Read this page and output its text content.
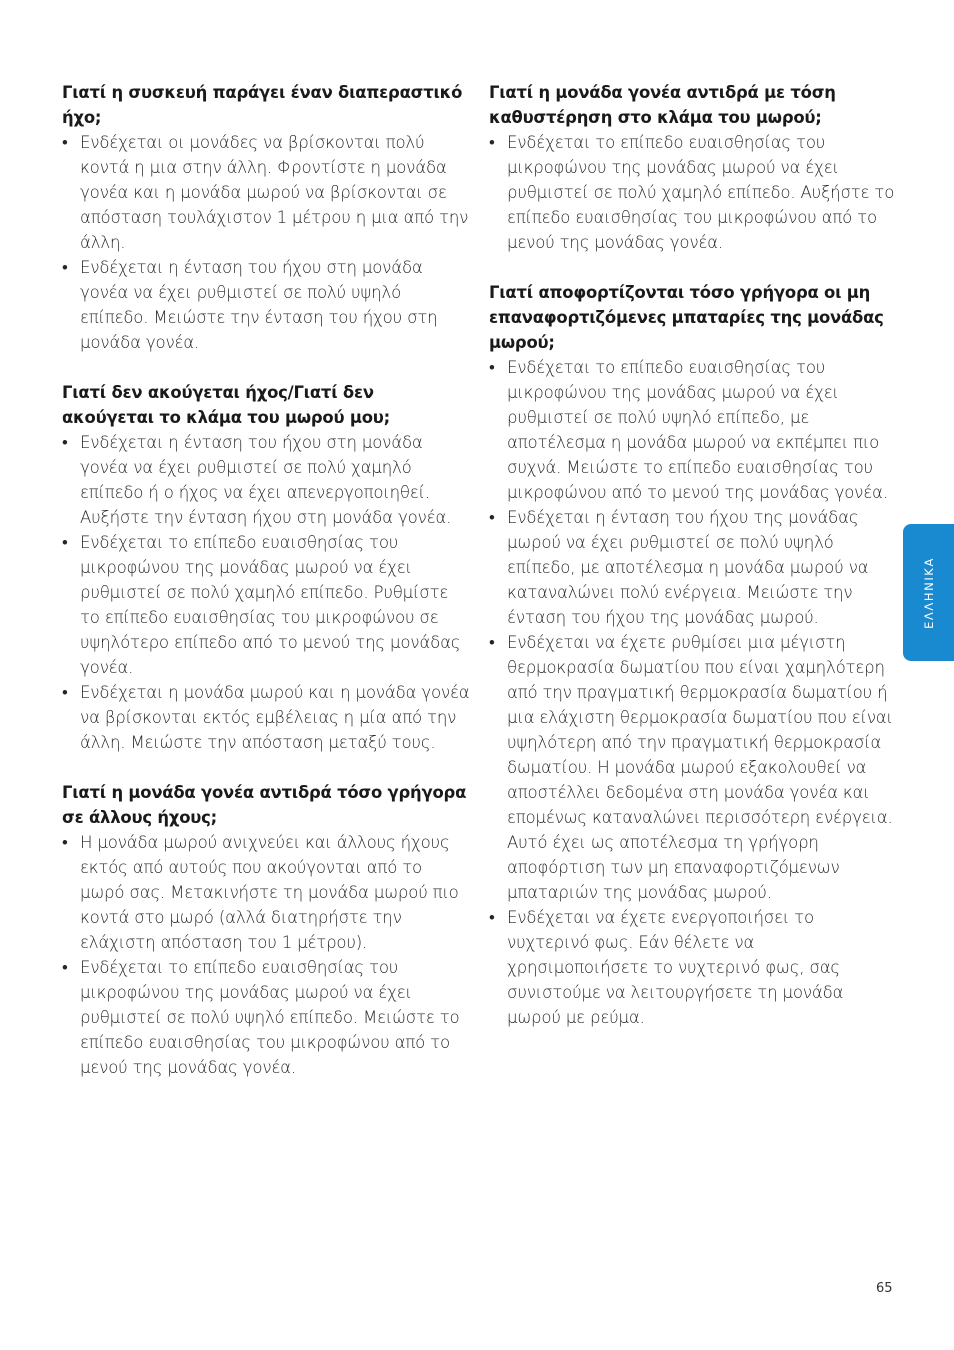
Γιατί η συσκευή παράγει έναν διαπεραστικό ήχο;

• Ενδέχεται οι μονάδες να βρίσκονται πολύ κοντά η μια στην άλλη. Φροντίστε η μονάδα γονέα και η μονάδα μωρού να βρίσκονται σε απόσταση τουλάχιστον 1 μέτρου η μια από την άλλη.
• Ενδέχεται η ένταση του ήχου στη μονάδα γονέα να έχει ρυθμιστεί σε πολύ υψηλό επίπεδο. Μειώστε την ένταση του ήχου στη μονάδα γονέα.

Γιατί δεν ακούγεται ήχος/Γιατί δεν ακούγεται το κλάμα του μωρού μου;

• Ενδέχεται η ένταση του ήχου στη μονάδα γονέα να έχει ρυθμιστεί σε πολύ χαμηλό επίπεδο ή ο ήχος να έχει απενεργοποιηθεί. Αυξήστε την ένταση ήχου στη μονάδα γονέα.
• Ενδέχεται το επίπεδο ευαισθησίας του μικροφώνου της μονάδας μωρού να έχει ρυθμιστεί σε πολύ χαμηλό επίπεδο. Ρυθμίστε το επίπεδο ευαισθησίας του μικροφώνου σε υψηλότερο επίπεδο από το μενού της μονάδας γονέα.
• Ενδέχεται η μονάδα μωρού και η μονάδα γονέα να βρίσκονται εκτός εμβέλειας η μία από την άλλη. Μειώστε την απόσταση μεταξύ τους.

Γιατί η μονάδα γονέα αντιδρά τόσο γρήγορα σε άλλους ήχους;

• Η μονάδα μωρού ανιχνεύει και άλλους ήχους εκτός από αυτούς που ακούγονται από το μωρό σας. Μετακινήστε τη μονάδα μωρού πιο κοντά στο μωρό (αλλά διατηρήστε την ελάχιστη απόσταση του 1 μέτρου).
• Ενδέχεται το επίπεδο ευαισθησίας του μικροφώνου της μονάδας μωρού να έχει ρυθμιστεί σε πολύ υψηλό επίπεδο. Μειώστε το επίπεδο ευαισθησίας του μικροφώνου από το μενού της μονάδας γονέα.

Γιατί η μονάδα γονέα αντιδρά με τόση καθυστέρηση στο κλάμα του μωρού;

• Ενδέχεται το επίπεδο ευαισθησίας του μικροφώνου της μονάδας μωρού να έχει ρυθμιστεί σε πολύ χαμηλό επίπεδο. Αυξήστε το επίπεδο ευαισθησίας του μικροφώνου από το μενού της μονάδας γονέα.

Γιατί αποφορτίζονται τόσο γρήγορα οι μη επαναφορτιζόμενες μπαταρίες της μονάδας μωρού;

• Ενδέχεται το επίπεδο ευαισθησίας του μικροφώνου της μονάδας μωρού να έχει ρυθμιστεί σε πολύ υψηλό επίπεδο, με αποτέλεσμα η μονάδα μωρού να εκπέμπει πιο συχνά. Μειώστε το επίπεδο ευαισθησίας του μικροφώνου από το μενού της μονάδας γονέα.
• Ενδέχεται η ένταση του ήχου της μονάδας μωρού να έχει ρυθμιστεί σε πολύ υψηλό επίπεδο, με αποτέλεσμα η μονάδα μωρού να καταναλώνει πολύ ενέργεια. Μειώστε την ένταση του ήχου της μονάδας μωρού.
• Ενδέχεται να έχετε ρυθμίσει μια μέγιστη θερμοκρασία δωματίου που είναι χαμηλότερη από την πραγματική θερμοκρασία δωματίου ή μια ελάχιστη θερμοκρασία δωματίου που είναι υψηλότερη από την πραγματική θερμοκρασία δωματίου. Η μονάδα μωρού εξακολουθεί να αποστέλλει δεδομένα στη μονάδα γονέα και επομένως καταναλώνει περισσότερη ενέργεια. Αυτό έχει ως αποτέλεσμα τη γρήγορη αποφόρτιση των μη επαναφορτιζόμενων μπαταριών της μονάδας μωρού.
• Ενδέχεται να έχετε ενεργοποιήσει το νυχτερινό φως. Εάν θέλετε να χρησιμοποιήσετε το νυχτερινό φως, σας συνιστούμε να λειτουργήσετε τη μονάδα μωρού με ρεύμα.
ΕΛΛΗΝΙΚΑ
65
